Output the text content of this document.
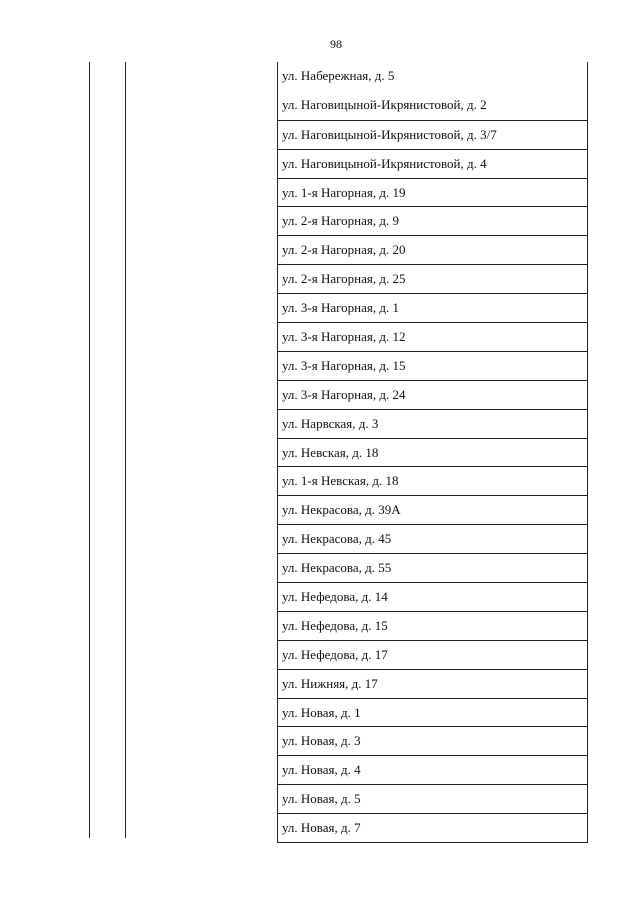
98
ул. Набережная, д. 5
ул. Наговицыной-Икрянистовой, д. 2
ул. Наговицыной-Икрянистовой, д. 3/7
ул. Наговицыной-Икрянистовой, д. 4
ул. 1-я Нагорная, д. 19
ул. 2-я Нагорная, д. 9
ул. 2-я Нагорная, д. 20
ул. 2-я Нагорная, д. 25
ул. 3-я Нагорная, д. 1
ул. 3-я Нагорная, д. 12
ул. 3-я Нагорная, д. 15
ул. 3-я Нагорная, д. 24
ул. Нарвская, д. 3
ул. Невская, д. 18
ул. 1-я Невская, д. 18
ул. Некрасова, д. 39А
ул. Некрасова, д. 45
ул. Некрасова, д. 55
ул. Нефедова, д. 14
ул. Нефедова, д. 15
ул. Нефедова, д. 17
ул. Нижняя, д. 17
ул. Новая, д. 1
ул. Новая, д. 3
ул. Новая, д. 4
ул. Новая, д. 5
ул. Новая, д. 7
